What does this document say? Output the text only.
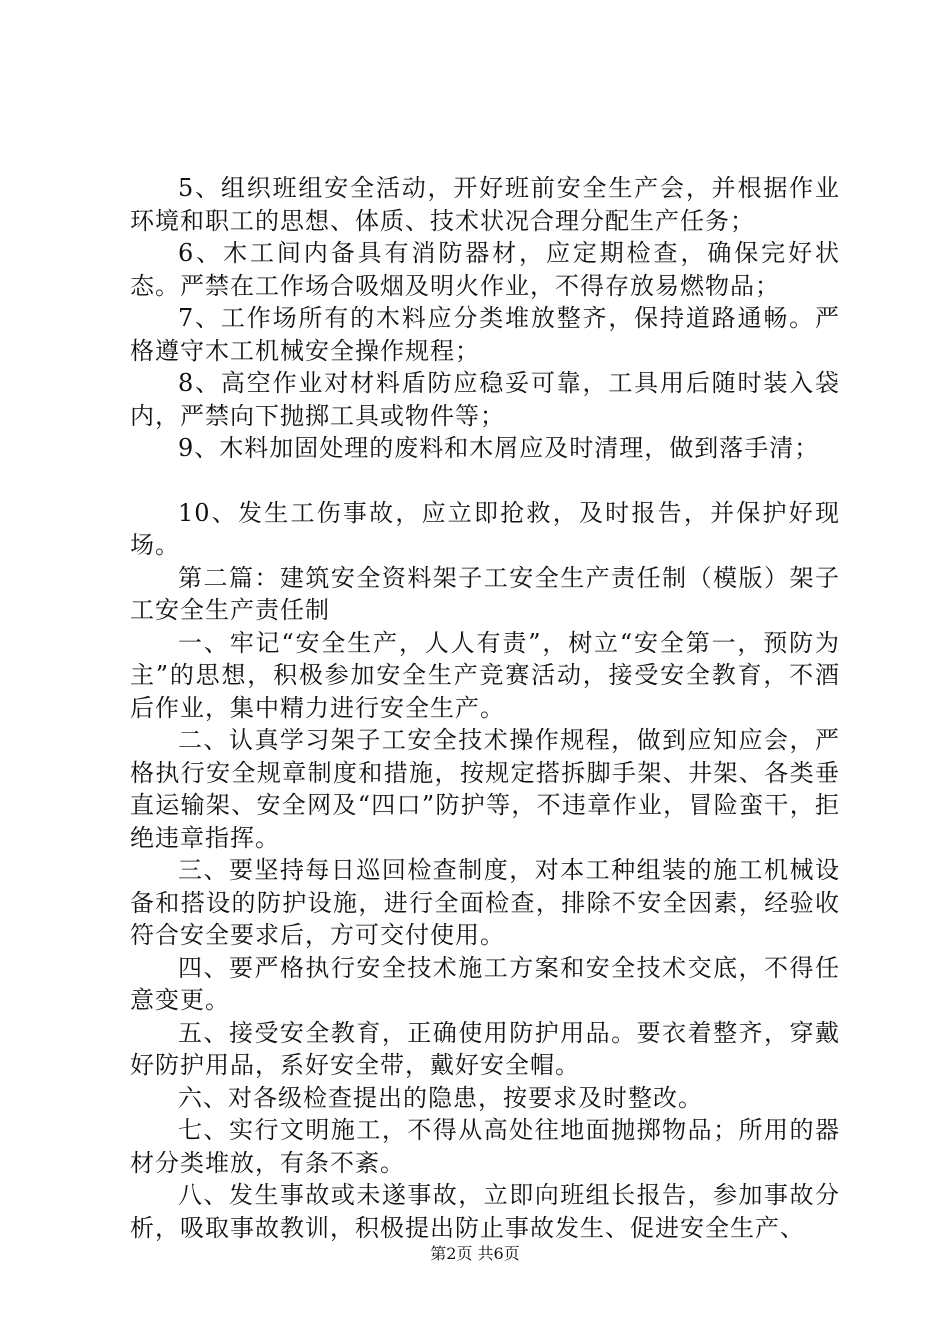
5、组织班组安全活动，开好班前安全生产会，并根据作业环境和职工的思想、体质、技术状况合理分配生产任务；

6、木工间内备具有消防器材，应定期检查，确保完好状态。严禁在工作场合吸烟及明火作业，不得存放易燃物品；

7、工作场所有的木料应分类堆放整齐，保持道路通畅。严格遵守木工机械安全操作规程；

8、高空作业对材料盾防应稳妥可靠，工具用后随时装入袋内，严禁向下抛掷工具或物件等；

9、木料加固处理的废料和木屑应及时清理，做到落手清；

10、发生工伤事故，应立即抢救，及时报告，并保护好现场。

第二篇：建筑安全资料架子工安全生产责任制（模版）架子工安全生产责任制

一、牢记“安全生产，人人有责”，树立“安全第一，预防为主”的思想，积极参加安全生产竞赛活动，接受安全教育，不酒后作业，集中精力进行安全生产。

二、认真学习架子工安全技术操作规程，做到应知应会，严格执行安全规章制度和措施，按规定搭拆脚手架、井架、各类垂直运输架、安全网及“四口”防护等，不违章作业，冒险蛮干，拒绝违章指挥。

三、要坚持每日巡回检查制度，对本工种组装的施工机械设备和搭设的防护设施，进行全面检查，排除不安全因素，经验收符合安全要求后，方可交付使用。

四、要严格执行安全技术施工方案和安全技术交底，不得任意变更。

五、接受安全教育，正确使用防护用品。要衣着整齐，穿戴好防护用品，系好安全带，戴好安全帽。

六、对各级检查提出的隐患，按要求及时整改。

七、实行文明施工，不得从高处往地面抛掷物品；所用的器材分类堆放，有条不紊。

八、发生事故或未遂事故，立即向班组长报告，参加事故分析，吸取事故教训，积极提出防止事故发生、促进安全生产、

第2页 共6页
